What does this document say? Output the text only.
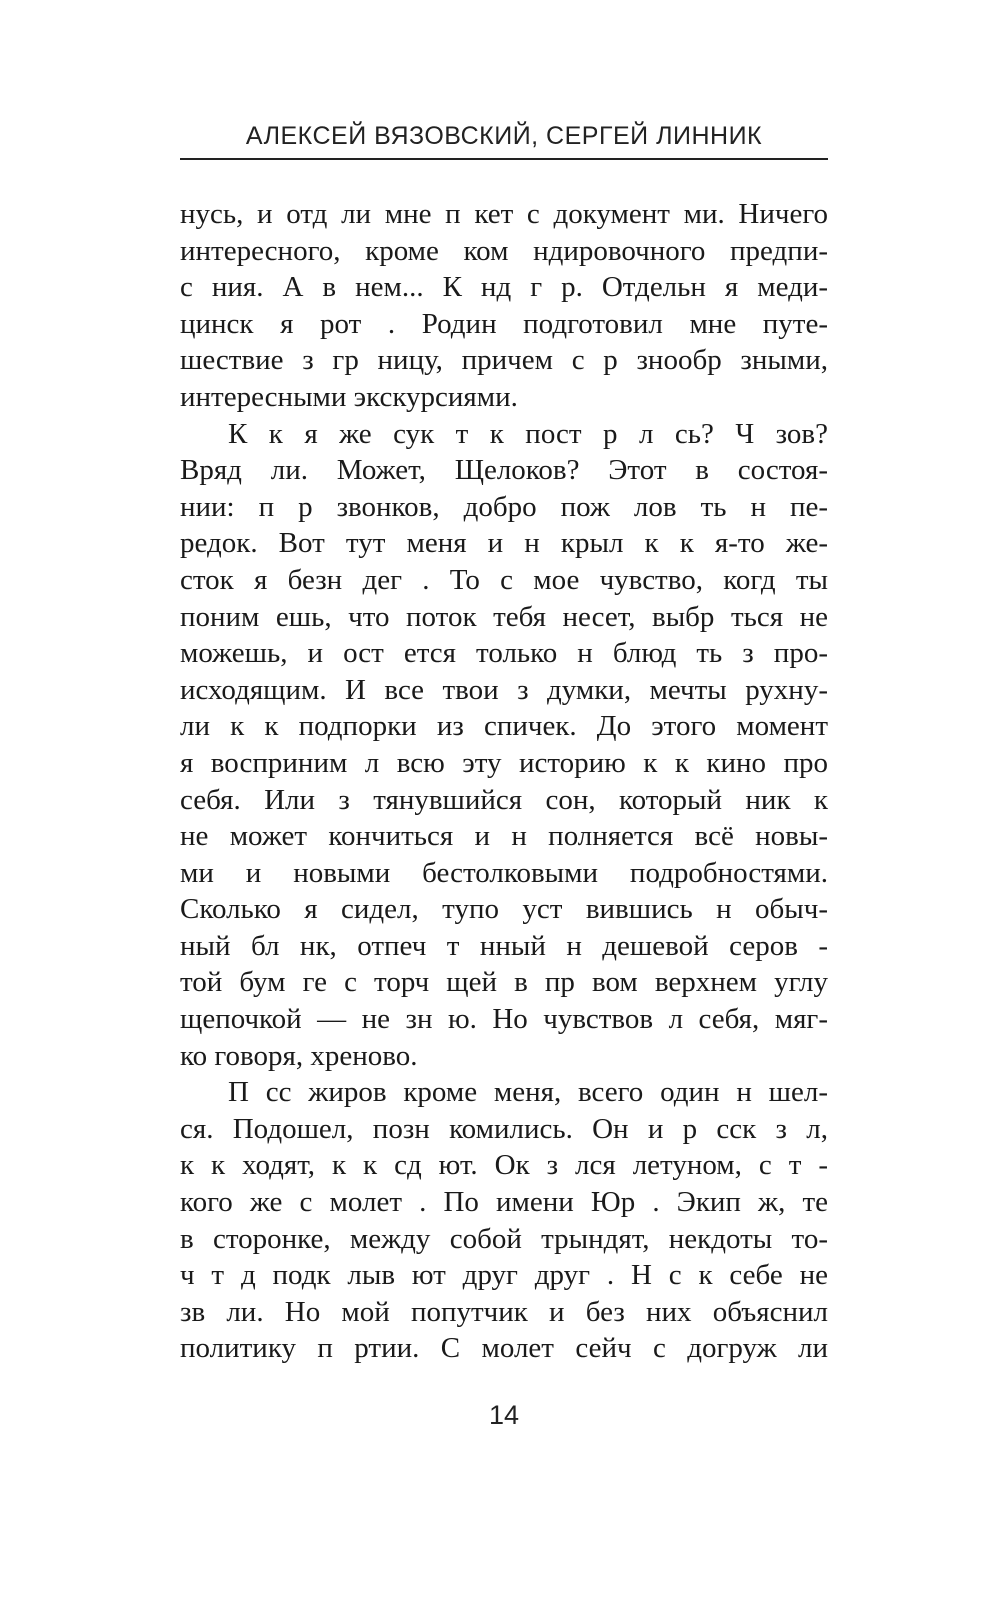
АЛЕКСЕЙ ВЯЗОВСКИЙ, СЕРГЕЙ ЛИННИК

нусь, и отд ли мне п кет с документ ми. Ничего
интересного, кроме ком ндировочного предпи-
с ния. А в нем... К нд г р. Отдельн я меди-
цинск я рот . Родин подготовил мне путе-
шествие з гр ницу, причем с р знообр зными,
интересными экскурсиями.

К к я же сук т к пост р л сь? Ч зов?
Вряд ли. Может, Щелоков? Этот в состоя-
нии: п р звонков, добро пож лов ть н пе-
редок. Вот тут меня и н крыл к к я-то же-
сток я безн дег . То с мое чувство, когд ты
поним ешь, что поток тебя несет, выбр ться не
можешь, и ост ется только н блюд ть з про-
исходящим. И все твои з думки, мечты рухну-
ли к к подпорки из спичек. До этого момент
я восприним л всю эту историю к к кино про
себя. Или з тянувшийся сон, который ник к
не может кончиться и н полняется всё новы-
ми и новыми бестолковыми подробностями.
Сколько я сидел, тупо уст вившись н обыч-
ный бл нк, отпеч т нный н дешевой серов -
той бум ге с торч щей в пр вом верхнем углу
щепочкой — не зн ю. Но чувствов л себя, мяг-
ко говоря, хреново.

П сс жиров кроме меня, всего один н шел-
ся. Подошел, позн комились. Он и р сск з л,
к к ходят, к к сд ют. Ок з лся летуном, с т -
кого же с молет . По имени Юр . Экип ж, те
в сторонке, между собой трындят, некдоты то-
ч т д подк лыв ют друг друг . Н с к себе не
зв ли. Но мой попутчик и без них объяснил
политику п ртии. С молет сейч с догруж ли

14
